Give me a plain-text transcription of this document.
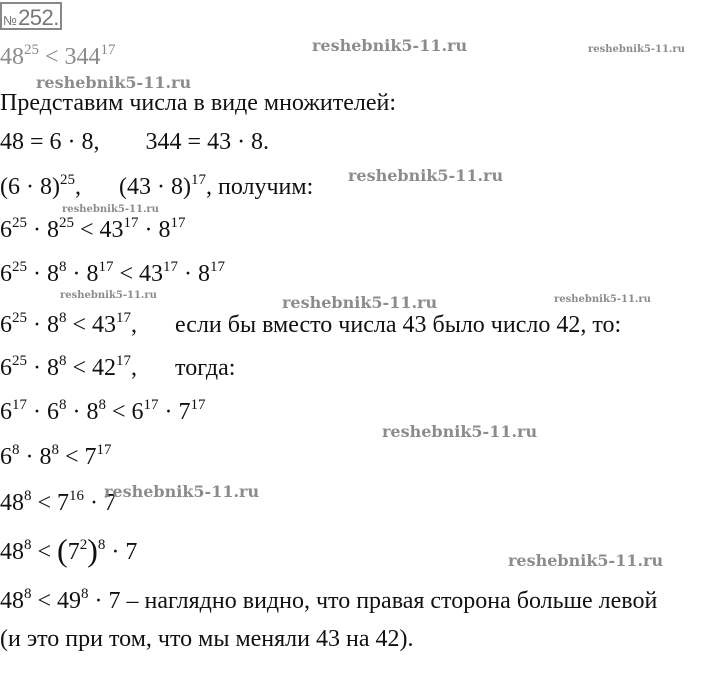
№ 252.
$48^{25} < 344^{17}$
Представим числа в виде множителей:
48 = 6 · 8, 344 = 43 · 8.
$(6 \cdot 8)^{25}$, $(43 \cdot 8)^{17}$, получим:
$6^{25} \cdot 8^{25} < 43^{17} \cdot 8^{17}$
$6^{25} \cdot 8^8 \cdot 8^{17} < 43^{17} \cdot 8^{17}$
$6^{25} \cdot 8^8 < 43^{17}$, если бы вместо числа 43 было число 42, то:
$6^{25} \cdot 8^8 < 42^{17}$, тогда:
$6^{17} \cdot 6^8 \cdot 8^8 < 6^{17} \cdot 7^{17}$
$6^8 \cdot 8^8 < 7^{17}$
$48^8 < 7^{16} \cdot 7$
$48^8 < (7^2)^8 \cdot 7$
$48^8 < 49^8 \cdot 7$ – наглядно видно, что правая сторона больше левой
(и это при том, что мы меняли 43 на 42).
reshebnik5-11.ru	reshebnik5-11.ru
reshebnik5-11.ru
reshebnik5-11.ru
reshebnik5-11.ru
reshebnik5-11.ru	reshebnik5-11.ru	reshebnik5-11.ru
reshebnik5-11.ru
reshebnik5-11.ru
reshebnik5-11.ru
